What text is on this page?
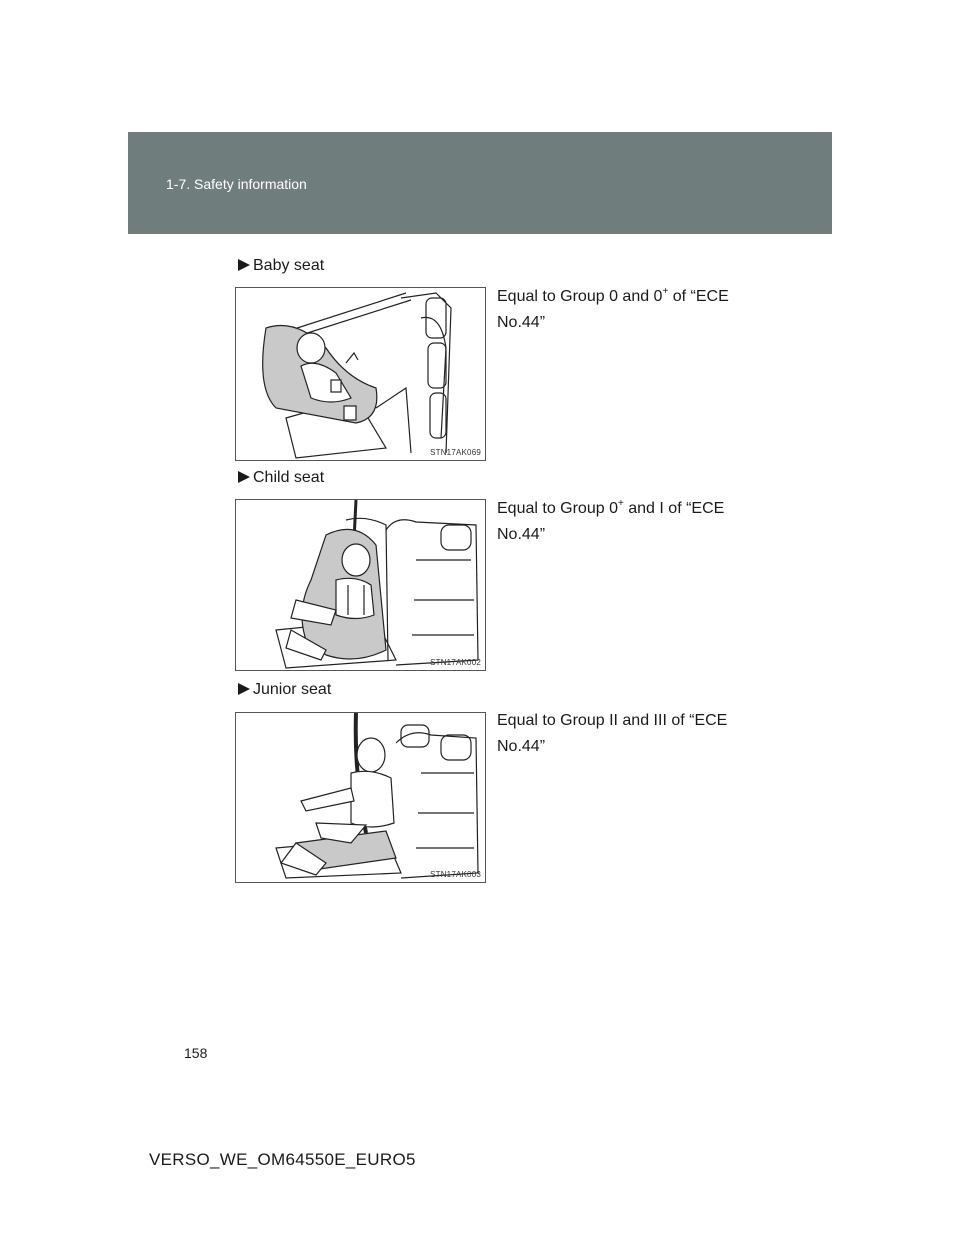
1-7. Safety information
Baby seat
STN17AK069
Equal to Group 0 and 0+ of “ECE No.44”
Child seat
STN17AK002
Equal to Group 0+ and I of “ECE No.44”
Junior seat
STN17AK003
Equal to Group II and III of “ECE No.44”
158
VERSO_WE_OM64550E_EURO5
